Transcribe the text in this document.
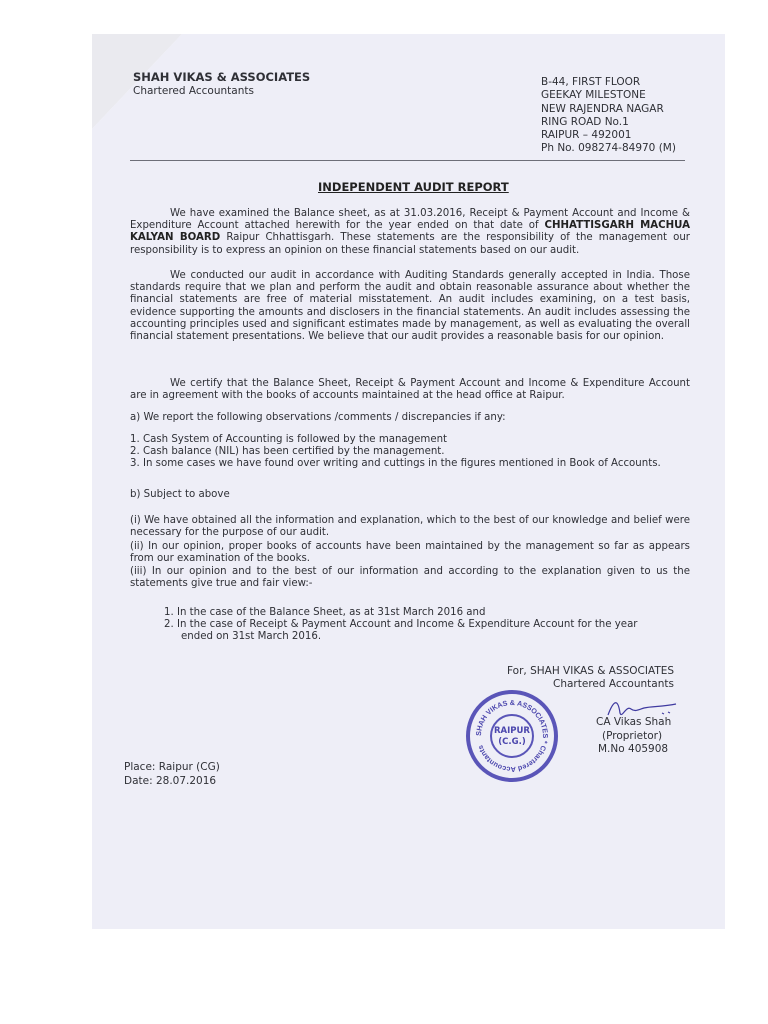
SHAH VIKAS & ASSOCIATES
Chartered Accountants
B-44, FIRST FLOOR
GEEKAY MILESTONE
NEW RAJENDRA NAGAR
RING ROAD No.1
RAIPUR – 492001
Ph No. 098274-84970 (M)
INDEPENDENT AUDIT REPORT
We have examined the Balance sheet, as at 31.03.2016, Receipt & Payment Account and Income & Expenditure Account attached herewith for the year ended on that date of CHHATTISGARH MACHUA KALYAN BOARD Raipur Chhattisgarh. These statements are the responsibility of the management our responsibility is to express an opinion on these financial statements based on our audit.
We conducted our audit in accordance with Auditing Standards generally accepted in India. Those standards require that we plan and perform the audit and obtain reasonable assurance about whether the financial statements are free of material misstatement. An audit includes examining, on a test basis, evidence supporting the amounts and disclosers in the financial statements. An audit includes assessing the accounting principles used and significant estimates made by management, as well as evaluating the overall financial statement presentations. We believe that our audit provides a reasonable basis for our opinion.
We certify that the Balance Sheet, Receipt & Payment Account and Income & Expenditure Account are in agreement with the books of accounts maintained at the head office at Raipur.
a) We report the following observations /comments / discrepancies if any:
1. Cash System of Accounting is followed by the management
2. Cash balance (NIL) has been certified by the management.
3. In some cases we have found over writing and cuttings in the figures mentioned in Book of Accounts.
b) Subject to above
(i) We have obtained all the information and explanation, which to the best of our knowledge and belief were necessary for the purpose of our audit.
(ii) In our opinion, proper books of accounts have been maintained by the management so far as appears from our examination of the books.
(iii) In our opinion and to the best of our information and according to the explanation given to us the statements give true and fair view:-
1. In the case of the Balance Sheet, as at 31st March 2016 and
2. In the case of Receipt & Payment Account and Income & Expenditure Account for the year
ended on 31st March 2016.
For, SHAH VIKAS & ASSOCIATES
Chartered Accountants
SHAH VIKAS & ASSOCIATES * Chartered Accountants
RAIPUR
(C.G.)
CA Vikas Shah
(Proprietor)
M.No 405908
Place: Raipur (CG)
Date: 28.07.2016
